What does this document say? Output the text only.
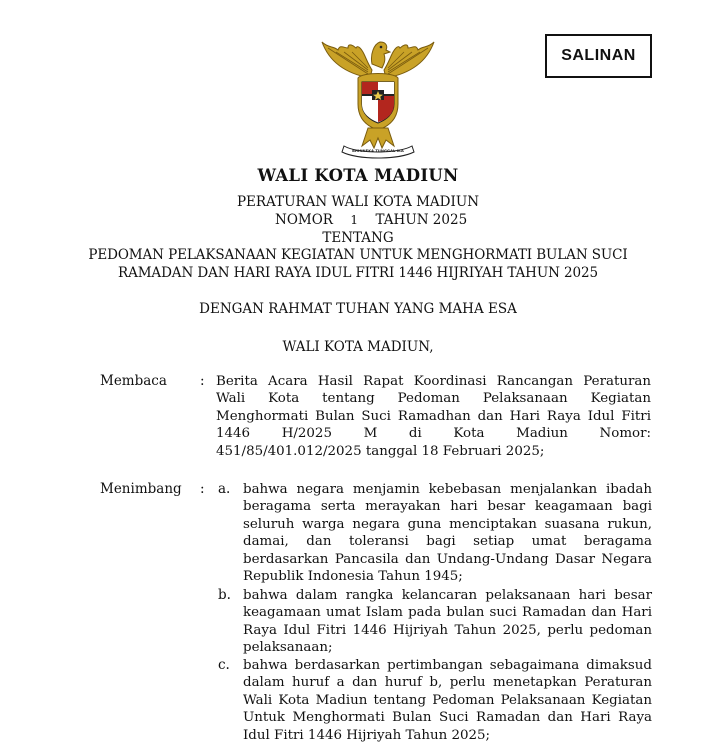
SALINAN
BHINNEKA TUNGGAL IKA
WALI KOTA MADIUN
PERATURAN WALI KOTA MADIUN
NOMOR 1 TAHUN 2025
TENTANG
PEDOMAN PELAKSANAAN KEGIATAN UNTUK MENGHORMATI BULAN SUCI
RAMADAN DAN HARI RAYA IDUL FITRI 1446 HIJRIYAH TAHUN 2025
DENGAN RAHMAT TUHAN YANG MAHA ESA
WALI KOTA MADIUN,
Membaca : Berita Acara Hasil Rapat Koordinasi Rancangan Peraturan
Wali Kota tentang Pedoman Pelaksanaan Kegiatan
Menghormati Bulan Suci Ramadhan dan Hari Raya Idul Fitri
1446 H/2025 M di Kota Madiun Nomor:
451/85/401.012/2025 tanggal 18 Februari 2025;
Menimbang : a. bahwa negara menjamin kebebasan menjalankan ibadah
beragama serta merayakan hari besar keagamaan bagi
seluruh warga negara guna menciptakan suasana rukun,
damai, dan toleransi bagi setiap umat beragama
berdasarkan Pancasila dan Undang-Undang Dasar Negara
Republik Indonesia Tahun 1945;
b. bahwa dalam rangka kelancaran pelaksanaan hari besar
keagamaan umat Islam pada bulan suci Ramadan dan Hari
Raya Idul Fitri 1446 Hijriyah Tahun 2025, perlu pedoman
pelaksanaan;
c. bahwa berdasarkan pertimbangan sebagaimana dimaksud
dalam huruf a dan huruf b, perlu menetapkan Peraturan
Wali Kota Madiun tentang Pedoman Pelaksanaan Kegiatan
Untuk Menghormati Bulan Suci Ramadan dan Hari Raya
Idul Fitri 1446 Hijriyah Tahun 2025;
